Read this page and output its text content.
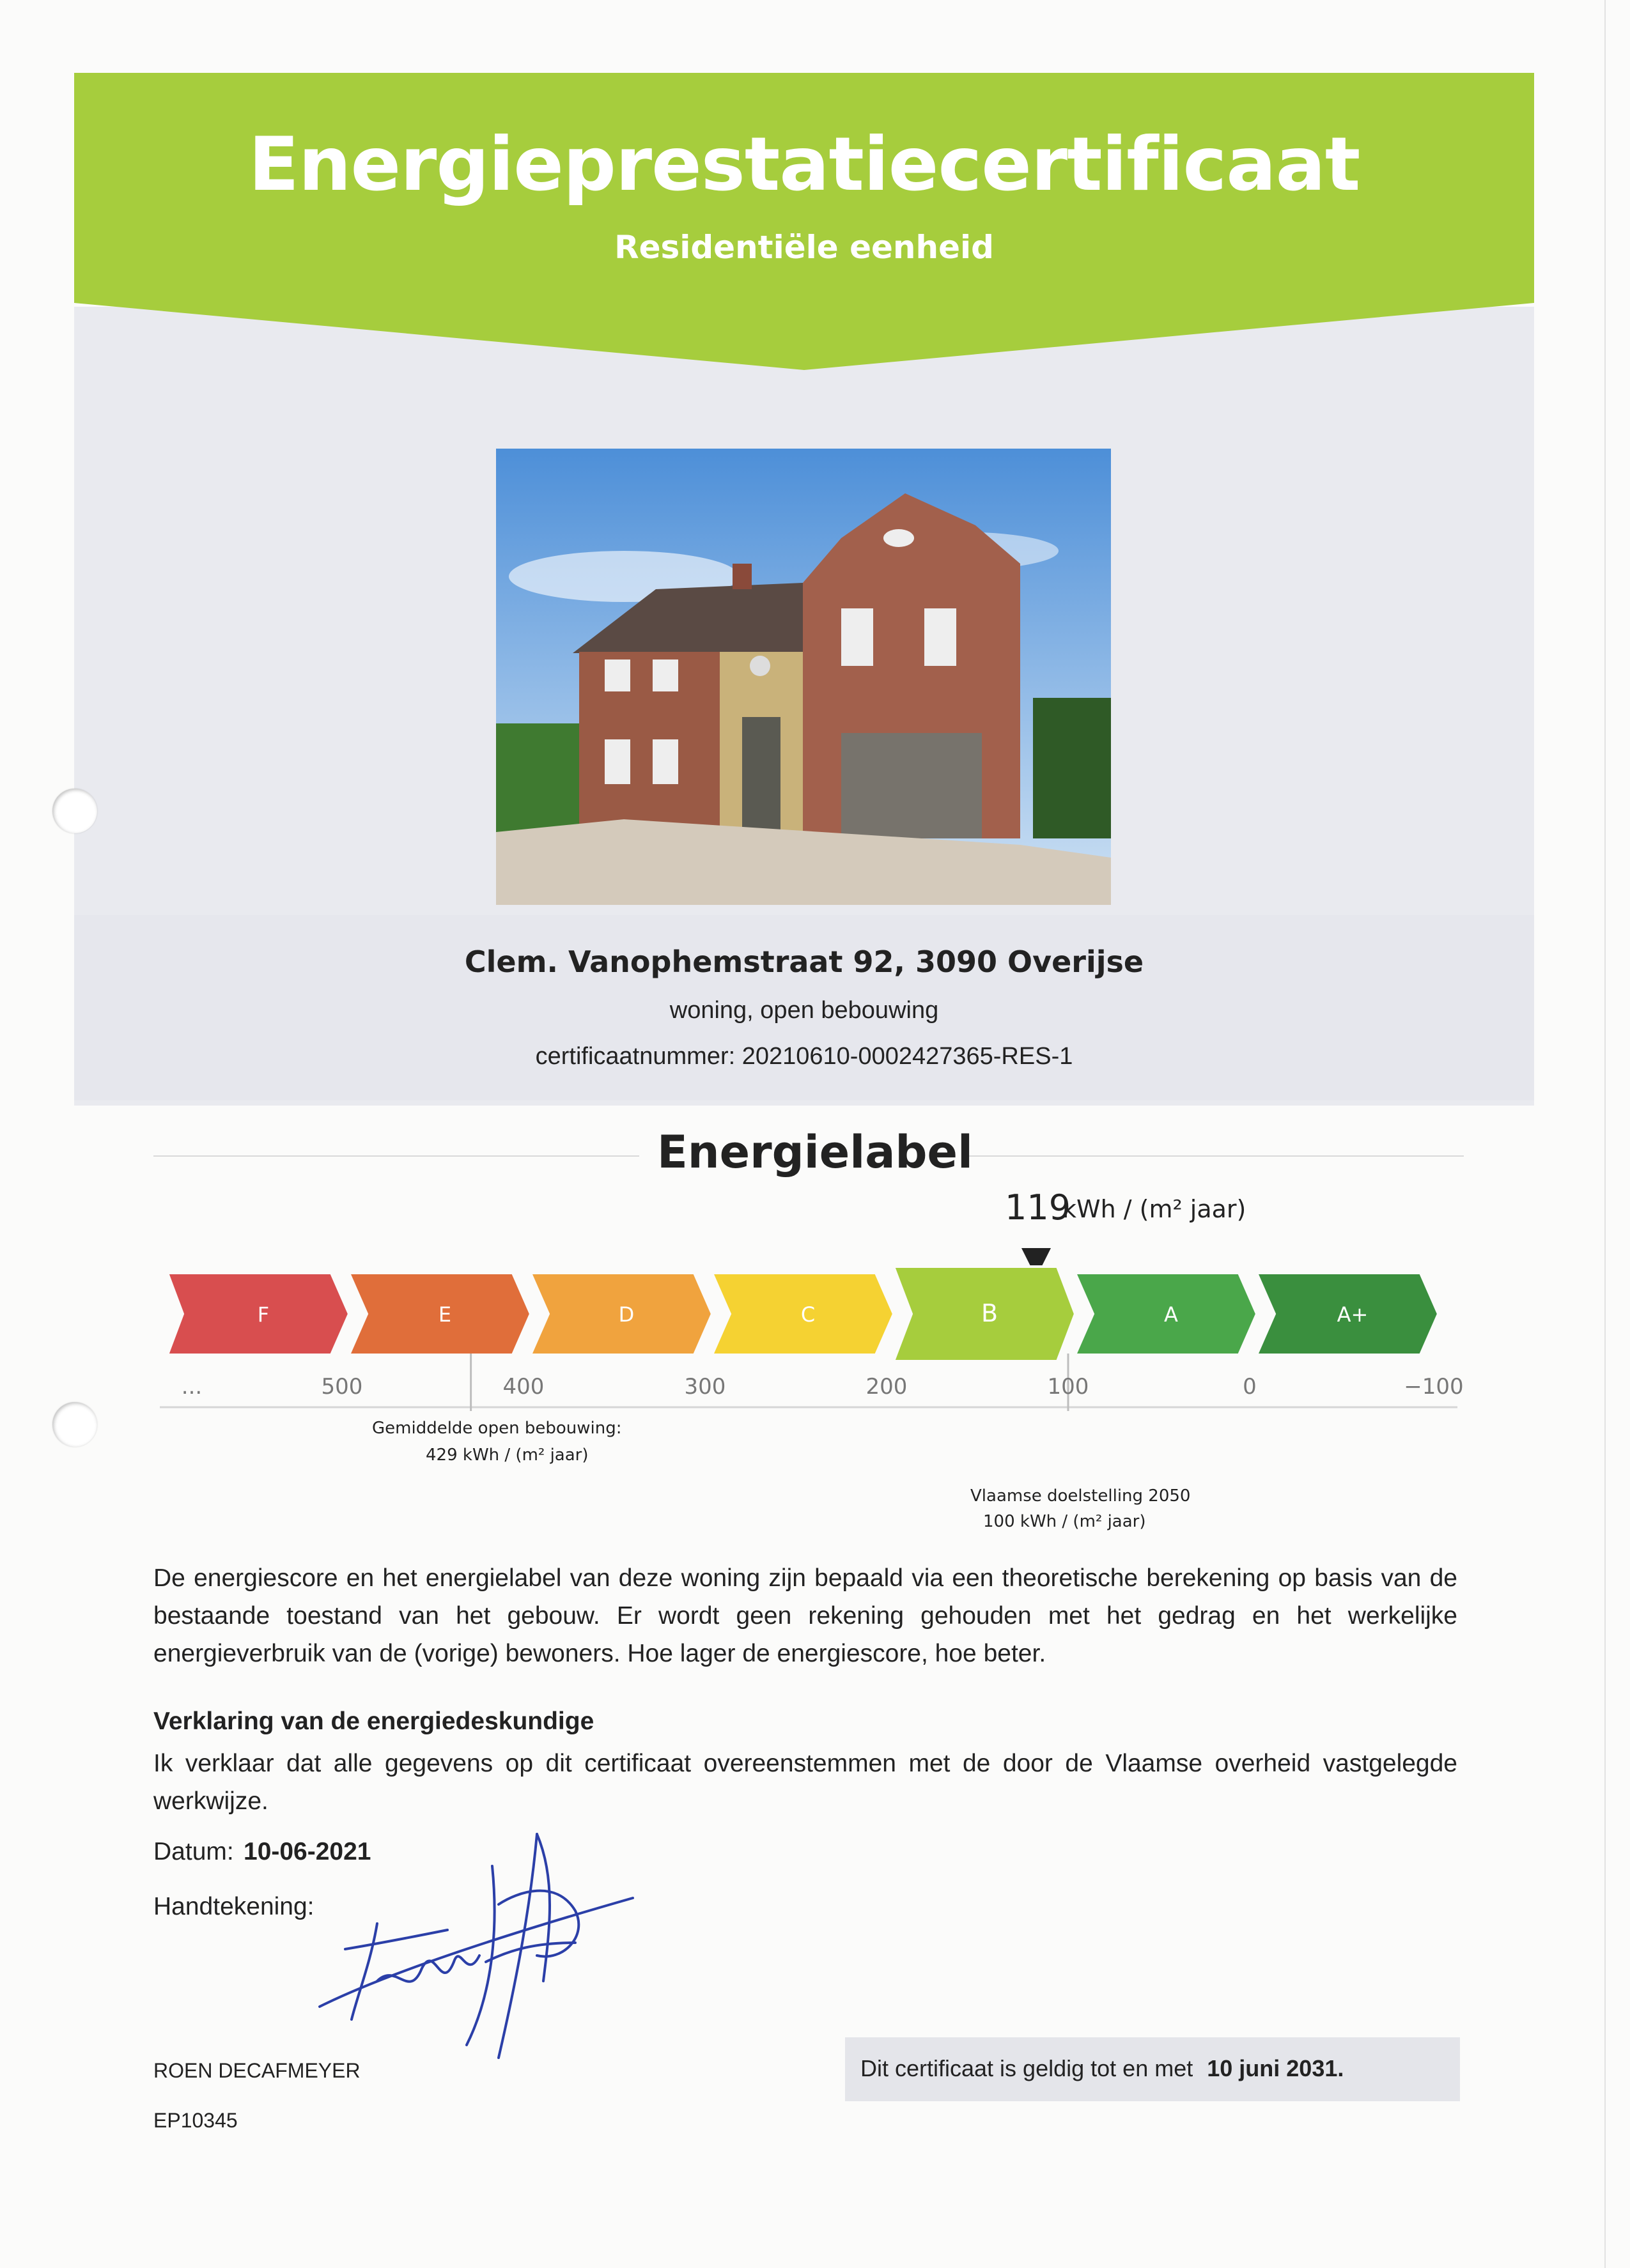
Energieprestatiecertificaat
Residentiële eenheid
Clem. Vanophemstraat 92, 3090 Overijse
woning, open bebouwing
certificaatnummer: 20210610-0002427365-RES-1
Energielabel
119
kWh / (m² jaar)
F	E	D	C	B	A	A+
...	500	400	300	200	100	0	−100
Gemiddelde open bebouwing:
429 kWh / (m² jaar)
Vlaamse doelstelling 2050
100 kWh / (m² jaar)
De energiescore en het energielabel van deze woning zijn bepaald via een theoretische berekening op basis van de bestaande toestand van het gebouw. Er wordt geen rekening gehouden met het gedrag en het werkelijke energieverbruik van de (vorige) bewoners. Hoe lager de energiescore, hoe beter.
Verklaring van de energiedeskundige
Ik verklaar dat alle gegevens op dit certificaat overeenstemmen met de door de Vlaamse overheid vastgelegde werkwijze.
Datum: 10-06-2021
Handtekening:
ROEN DECAFMEYER
EP10345
Dit certificaat is geldig tot en met 10 juni 2031.
